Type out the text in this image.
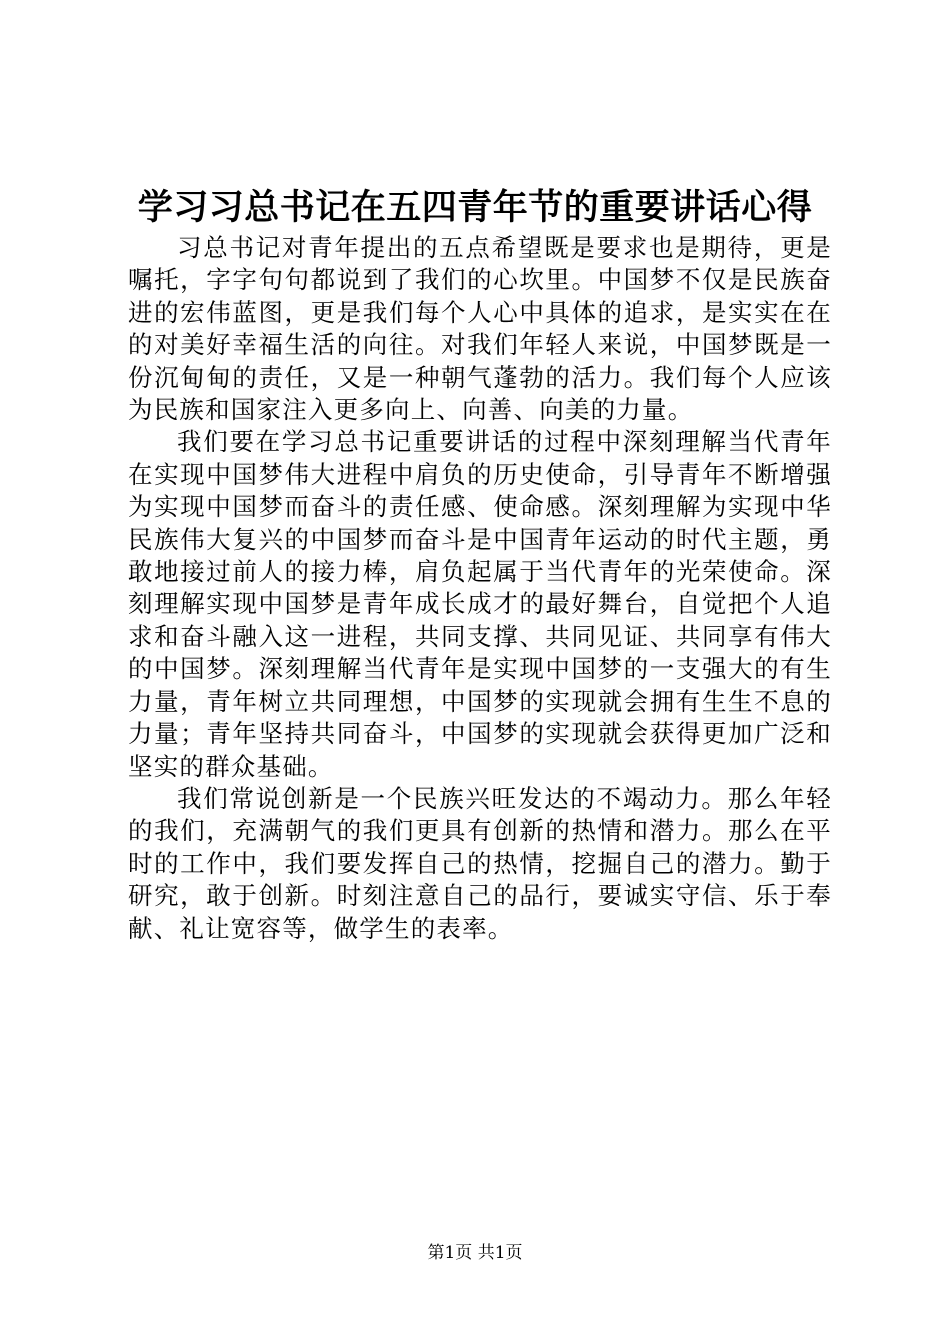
学习习总书记在五四青年节的重要讲话心得

习总书记对青年提出的五点希望既是要求也是期待，更是嘱托，字字句句都说到了我们的心坎里。中国梦不仅是民族奋进的宏伟蓝图，更是我们每个人心中具体的追求，是实实在在的对美好幸福生活的向往。对我们年轻人来说，中国梦既是一份沉甸甸的责任，又是一种朝气蓬勃的活力。我们每个人应该为民族和国家注入更多向上、向善、向美的力量。

我们要在学习总书记重要讲话的过程中深刻理解当代青年在实现中国梦伟大进程中肩负的历史使命，引导青年不断增强为实现中国梦而奋斗的责任感、使命感。深刻理解为实现中华民族伟大复兴的中国梦而奋斗是中国青年运动的时代主题，勇敢地接过前人的接力棒，肩负起属于当代青年的光荣使命。深刻理解实现中国梦是青年成长成才的最好舞台，自觉把个人追求和奋斗融入这一进程，共同支撑、共同见证、共同享有伟大的中国梦。深刻理解当代青年是实现中国梦的一支强大的有生力量，青年树立共同理想，中国梦的实现就会拥有生生不息的力量；青年坚持共同奋斗，中国梦的实现就会获得更加广泛和坚实的群众基础。

我们常说创新是一个民族兴旺发达的不竭动力。那么年轻的我们，充满朝气的我们更具有创新的热情和潜力。那么在平时的工作中，我们要发挥自己的热情，挖掘自己的潜力。勤于研究，敢于创新。时刻注意自己的品行，要诚实守信、乐于奉献、礼让宽容等，做学生的表率。

第1页 共1页
